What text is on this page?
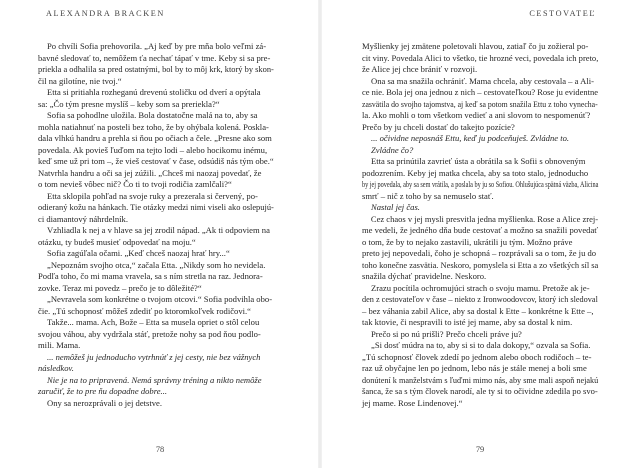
ALEXANDRA BRACKEN
Po chvíli Sofia prehovorila. „Aj keď by pre mňa bolo veľmi zá-
bavné sledovať to, nemôžem ťa nechať tápať v tme. Keby si sa pre-
priekla a odhalila sa pred ostatnými, bol by to môj krk, ktorý by skon-
čil na gilotíne, nie tvoj.“
Etta si pritiahla rozheganú drevenú stoličku od dverí a opýtala
sa: „Čo tým presne myslíš – keby som sa preriekla?“
Sofia sa pohodlne uložila. Bola dostatočne malá na to, aby sa
mohla natiahnuť na posteli bez toho, že by ohýbala kolená. Poskla-
dala vlhkú handru a prehla si ňou po očiach a čele. „Presne ako som
povedala. Ak povieš ľuďom na tejto lodi – alebo hocikomu inému,
keď sme už pri tom –, že vieš cestovať v čase, odsúdiš nás tým obe.“
Natvrhla handru a oči sa jej zúžili. „Chceš mi naozaj povedať, že
o tom nevieš vôbec nič? Čo ti to tvoji rodičia zamlčali?“
Etta sklopila pohľad na svoje ruky a prezerala si červený, po-
odieraný kožu na hánkach. Tie otázky medzi nimi viseli ako oslepujú-
ci diamantový náhrdelník.
Vzhliadla k nej a v hlave sa jej zrodil nápad. „Ak ti odpoviem na
otázku, ty budeš musieť odpovedať na moju.“
Sofia zagúľala očami. „Keď chceš naozaj hrať hry...“
„Nepoznám svojho otca,“ začala Etta. „Nikdy som ho nevidela.
Podľa toho, čo mi mama vravela, sa s ním stretla na raz. Jednora-
zovke. Teraz mi povedz – prečo je to dôležité?“
„Nevravela som konkrétne o tvojom otcovi.“ Sofia podvihla obo-
čie. „Tú schopnosť môžeš zdediť po ktoromkoľvek rodičovi.“
Takže... mama. Ach, Bože – Etta sa musela opriet o stôl celou
svojou váhou, aby vydržala stáť, pretože nohy sa pod ňou podlo-
mili. Mama.
... nemôžeš ju jednoducho vytrhnúť z jej cesty, nie bez vážnych
následkov.
Nie je na to pripravená. Nemá správny tréning a nikto nemôže
zaručiť, že to pre ňu dopadne dobre...
Ony sa nerozprávali o jej detstve.
78
CESTOVATEĽ
Myšlienky jej zmätene poletovali hlavou, zatiaľ čo ju zožieral po-
cit viny. Povedala Alici to všetko, tie hrozné veci, povedala ich preto,
že Alice jej chce brániť v rozvoji.
Ona sa ma snažila ochrániť. Mama chcela, aby cestovala – a Ali-
ce nie. Bola jej ona jednou z nich – cestovateľkou? Rose ju evidentne
zasvätila do svojho tajomstva, aj keď sa potom snažila Ettu z toho vynecha-
la. Ako mohli o tom všetkom vedieť a ani slovom to nespomenúť?
Prečo by ju chceli dostať do takejto pozície?
... očividne neposnáš Ettu, keď ju podceňuješ. Zvládne to.
Zvládne čo?
Etta sa prinútila zavrieť ústa a obrátila sa k Sofii s obnoveným
podozrením. Keby jej matka chcela, aby sa toto stalo, jednoducho
by jej povedala, aby sa sem vrátila, a poslala by ju so Sofiou. Ohlušujúca spätná väzba, Alicina
smrť – nič z toho by sa nemuselo stať.
Nastal jej čas.
Cez chaos v jej mysli presvitla jedna myšlienka. Rose a Alice zrej-
me vedeli, že jedného dňa bude cestovať a možno sa snažili povedať
o tom, že by to nejako zastavili, ukrátili ju tým. Možno práve
preto jej nepovedali, čoho je schopná – rozprávali sa o tom, že ju do
toho konečne zasvätia. Neskoro, pomyslela si Etta a zo všetkých síl sa
snažila dýchať pravidelne. Neskoro.
Zrazu pocítila ochromujúci strach o svoju mamu. Pretože ak je-
den z cestovateľov v čase – niekto z Ironwoodovcov, ktorý ich sledoval
– bez váhania zabil Alice, aby sa dostal k Ette – konkrétne k Ette –,
tak ktovie, či nespravili to isté jej mame, aby sa dostal k nim.
Prečo si po nú prišli? Prečo chceli práve ju?
„Si dosť múdra na to, aby si si to dala dokopy,“ ozvala sa Sofia.
„Tú schopnosť človek zdedí po jednom alebo oboch rodičoch – te-
raz už obyčajne len po jednom, lebo nás je stále menej a boli sme
donútení k manželstvám s ľuďmi mimo nás, aby sme mali aspoň nejakú
šanca, že sa s tým človek narodí, ale ty si to očividne zdedila po svo-
jej mame. Rose Lindenovej.“
79
